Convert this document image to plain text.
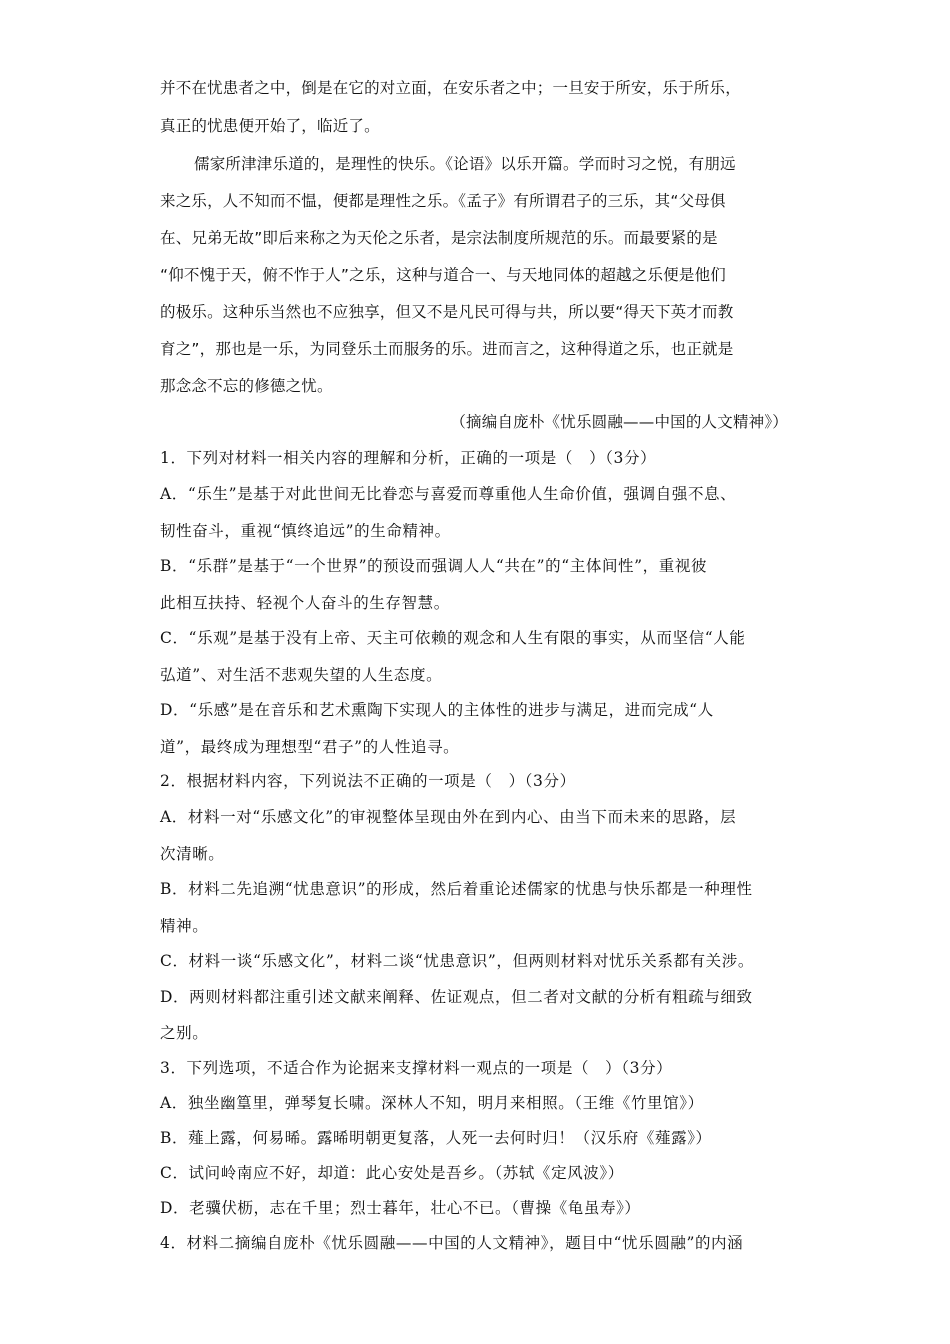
并不在忧患者之中，倒是在它的对立面，在安乐者之中；一旦安于所安，乐于所乐，
真正的忧患便开始了，临近了。
儒家所津津乐道的，是理性的快乐。《论语》以乐开篇。学而时习之悦，有朋远
来之乐，人不知而不愠，便都是理性之乐。《孟子》有所谓君子的三乐，其“父母俱
在、兄弟无故”即后来称之为天伦之乐者，是宗法制度所规范的乐。而最要紧的是
“仰不愧于天，俯不怍于人”之乐，这种与道合一、与天地同体的超越之乐便是他们
的极乐。这种乐当然也不应独享，但又不是凡民可得与共，所以要“得天下英才而教
育之”，那也是一乐，为同登乐土而服务的乐。进而言之，这种得道之乐，也正就是
那念念不忘的修德之忧。
（摘编自庞朴《忧乐圆融——中国的人文精神》）
1．下列对材料一相关内容的理解和分析，正确的一项是（　）（3分）
A．“乐生”是基于对此世间无比眷恋与喜爱而尊重他人生命价值，强调自强不息、
韧性奋斗，重视“慎终追远”的生命精神。
B．“乐群”是基于“一个世界”的预设而强调人人“共在”的“主体间性”，重视彼
此相互扶持、轻视个人奋斗的生存智慧。
C．“乐观”是基于没有上帝、天主可依赖的观念和人生有限的事实，从而坚信“人能
弘道”、对生活不悲观失望的人生态度。
D．“乐感”是在音乐和艺术熏陶下实现人的主体性的进步与满足，进而完成“人
道”，最终成为理想型“君子”的人性追寻。
2．根据材料内容，下列说法不正确的一项是（　）（3分）
A．材料一对“乐感文化”的审视整体呈现由外在到内心、由当下而未来的思路，层
次清晰。
B．材料二先追溯“忧患意识”的形成，然后着重论述儒家的忧患与快乐都是一种理性
精神。
C．材料一谈“乐感文化”，材料二谈“忧患意识”，但两则材料对忧乐关系都有关涉。
D．两则材料都注重引述文献来阐释、佐证观点，但二者对文献的分析有粗疏与细致
之别。
3．下列选项，不适合作为论据来支撑材料一观点的一项是（　）（3分）
A．独坐幽篁里，弹琴复长啸。深林人不知，明月来相照。（王维《竹里馆》）
B．薤上露，何易晞。露晞明朝更复落，人死一去何时归！（汉乐府《薤露》）
C．试问岭南应不好，却道：此心安处是吾乡。（苏轼《定风波》）
D．老骥伏枥，志在千里；烈士暮年，壮心不已。（曹操《龟虽寿》）
4．材料二摘编自庞朴《忧乐圆融——中国的人文精神》，题目中“忧乐圆融”的内涵
